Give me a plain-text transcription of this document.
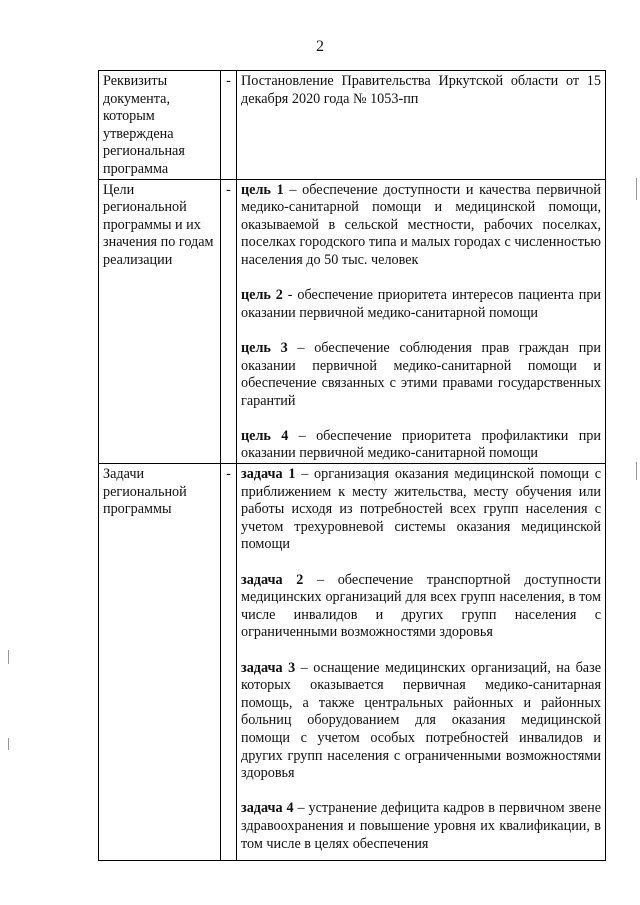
2
Реквизиты документа, которым утверждена региональная программа	-	Постановление Правительства Иркутской области от 15 декабря 2020 года № 1053-пп

Цели региональной программы и их значения по годам реализации	-	цель 1 – обеспечение доступности и качества первичной медико-санитарной помощи и медицинской помощи, оказываемой в сельской местности, рабочих поселках, поселках городского типа и малых городах с численностью населения до 50 тыс. человек
цель 2 - обеспечение приоритета интересов пациента при оказании первичной медико-санитарной помощи
цель 3 – обеспечение соблюдения прав граждан при оказании первичной медико-санитарной помощи и обеспечение связанных с этими правами государственных гарантий
цель 4 – обеспечение приоритета профилактики при оказании первичной медико-санитарной помощи

Задачи региональной программы	-	задача 1 – организация оказания медицинской помощи с приближением к месту жительства, месту обучения или работы исходя из потребностей всех групп населения с учетом трехуровневой системы оказания медицинской помощи
задача 2 – обеспечение транспортной доступности медицинских организаций для всех групп населения, в том числе инвалидов и других групп населения с ограниченными возможностями здоровья
задача 3 – оснащение медицинских организаций, на базе которых оказывается первичная медико-санитарная помощь, а также центральных районных и районных больниц оборудованием для оказания медицинской помощи с учетом особых потребностей инвалидов и других групп населения с ограниченными возможностями здоровья
задача 4 – устранение дефицита кадров в первичном звене здравоохранения и повышение уровня их квалификации, в том числе в целях обеспечения
